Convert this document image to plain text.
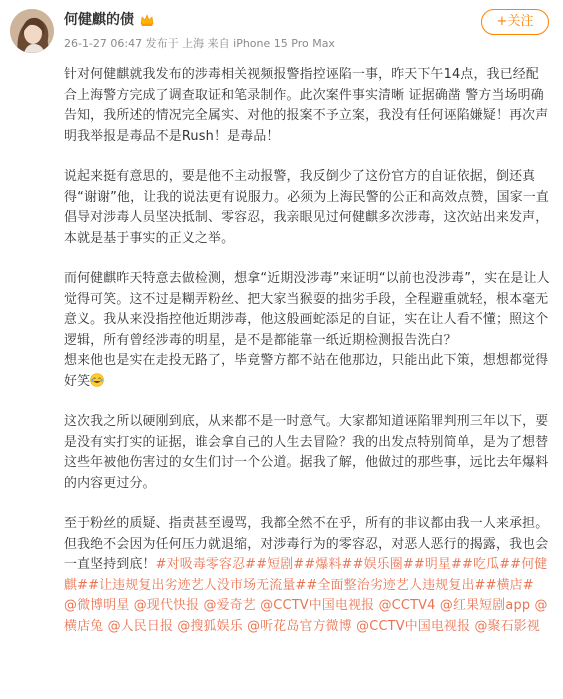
何健麒的债
26-1-27 06:47 发布于 上海 来自 iPhone 15 Pro Max
+关注

针对何健麒就我发布的涉毒相关视频报警指控诬陷一事，昨天下午14点，我已经配合上海警方完成了调查取证和笔录制作。此次案件事实清晰 证据确凿 警方当场明确告知，我所述的情况完全属实、对他的报案不予立案，我没有任何诬陷嫌疑！再次声明我举报是毒品不是Rush！是毒品！

说起来挺有意思的，要是他不主动报警，我反倒少了这份官方的自证依据，倒还真得“谢谢”他，让我的说法更有说服力。必须为上海民警的公正和高效点赞，国家一直倡导对涉毒人员坚决抵制、零容忍，我亲眼见过何健麒多次涉毒，这次站出来发声，本就是基于事实的正义之举。

而何健麒昨天特意去做检测，想拿“近期没涉毒”来证明“以前也没涉毒”，实在是让人觉得可笑。这不过是糊弄粉丝、把大家当猴耍的拙劣手段，全程避重就轻，根本毫无意义。我从来没指控他近期涉毒，他这般画蛇添足的自证，实在让人看不懂；照这个逻辑，所有曾经涉毒的明星，是不是都能靠一纸近期检测报告洗白？
想来他也是实在走投无路了，毕竟警方都不站在他那边，只能出此下策，想想都觉得好笑

这次我之所以硬刚到底，从来都不是一时意气。大家都知道诬陷罪判刑三年以下，要是没有实打实的证据，谁会拿自己的人生去冒险？我的出发点特别简单，是为了想替这些年被他伤害过的女生们讨一个公道。据我了解，他做过的那些事，远比去年爆料的内容更过分。

至于粉丝的质疑、指责甚至谩骂，我都全然不在乎，所有的非议都由我一人来承担。但我绝不会因为任何压力就退缩，对涉毒行为的零容忍，对恶人恶行的揭露，我也会一直坚持到底！#对吸毒零容忍##短剧##爆料##娱乐圈##明星##吃瓜##何健麒##让违规复出劣迹艺人没市场无流量##全面整治劣迹艺人违规复出##横店# @微博明星 @现代快报 @爱奇艺 @CCTV中国电视报 @CCTV4 @红果短剧app @横店兔 @人民日报 @搜狐娱乐 @听花岛官方微博 @CCTV中国电视报 @聚石影视
